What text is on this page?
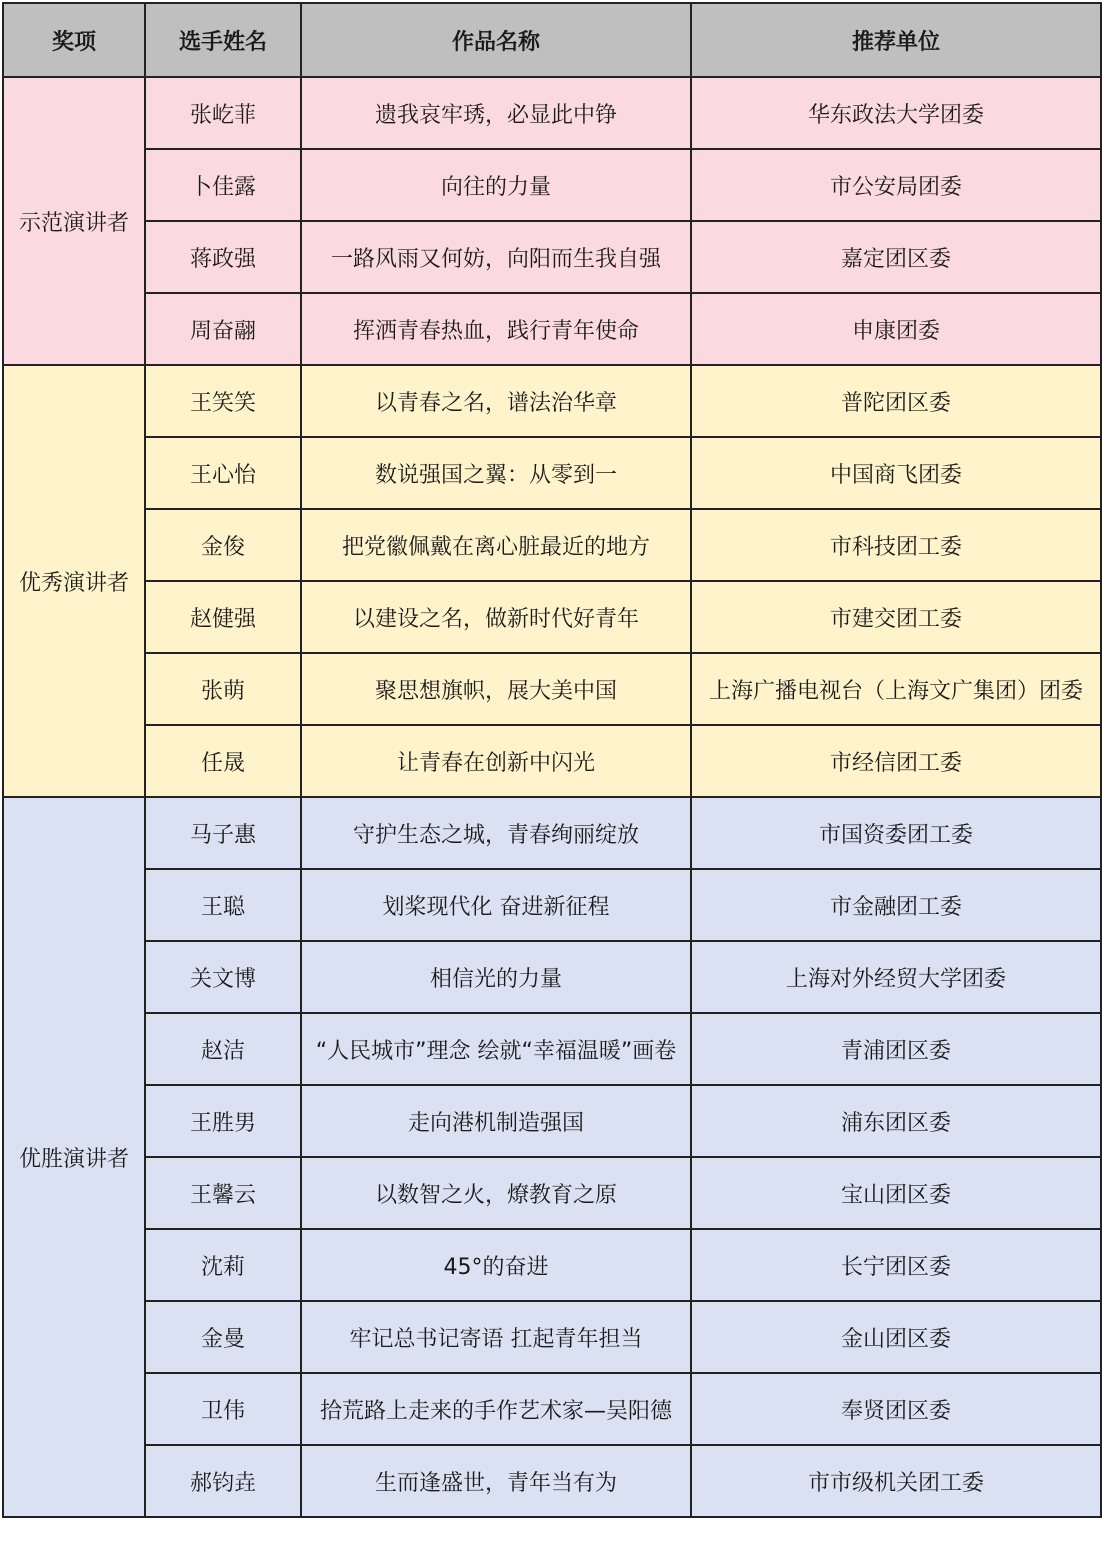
奖项	选手姓名	作品名称	推荐单位
示范演讲者	张屹菲	遗我哀牢琇，必显此中铮	华东政法大学团委
	卜佳露	向往的力量	市公安局团委
	蒋政强	一路风雨又何妨，向阳而生我自强	嘉定团区委
	周奋翮	挥洒青春热血，践行青年使命	申康团委
优秀演讲者	王笑笑	以青春之名，谱法治华章	普陀团区委
	王心怡	数说强国之翼：从零到一	中国商飞团委
	金俊	把党徽佩戴在离心脏最近的地方	市科技团工委
	赵健强	以建设之名，做新时代好青年	市建交团工委
	张萌	聚思想旗帜，展大美中国	上海广播电视台（上海文广集团）团委
	任晟	让青春在创新中闪光	市经信团工委
优胜演讲者	马子惠	守护生态之城，青春绚丽绽放	市国资委团工委
	王聪	划桨现代化 奋进新征程	市金融团工委
	关文博	相信光的力量	上海对外经贸大学团委
	赵洁	“人民城市”理念 绘就“幸福温暖”画卷	青浦团区委
	王胜男	走向港机制造强国	浦东团区委
	王馨云	以数智之火，燎教育之原	宝山团区委
	沈莉	45°的奋进	长宁团区委
	金曼	牢记总书记寄语 扛起青年担当	金山团区委
	卫伟	拾荒路上走来的手作艺术家—吴阳德	奉贤团区委
	郝钧垚	生而逢盛世，青年当有为	市市级机关团工委
